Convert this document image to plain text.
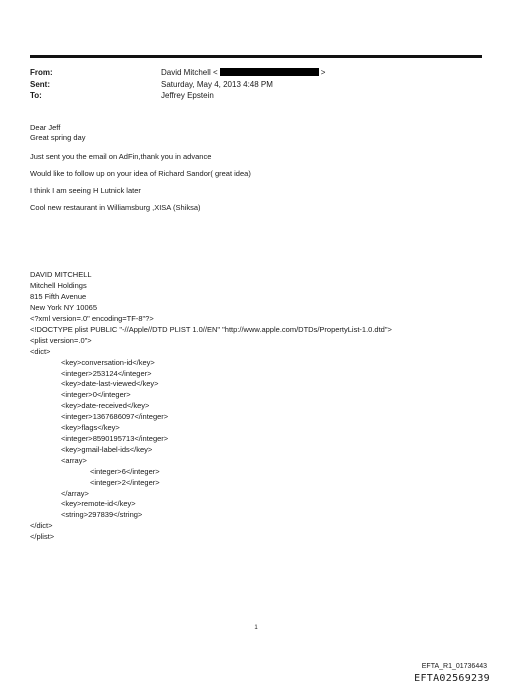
From:	David Mitchell <	>
Sent:	Saturday, May 4, 2013 4:48 PM
To:	Jeffrey Epstein

Dear Jeff
Great spring day

Just sent you the email on AdFin,thank you in advance

Would like to follow up on your idea of Richard Sandor( great idea)

I think I am seeing H Lutnick later

Cool new restaurant in Williamsburg ,XISA (Shiksa)

DAVID MITCHELL
Mitchell Holdings
815 Fifth Avenue
New York NY 10065
<?xml version=.0" encoding=TF-8"?>
<!DOCTYPE plist PUBLIC "-//Apple//DTD PLIST 1.0//EN" "http://www.apple.com/DTDs/PropertyList-1.0.dtd">
<plist version=.0">
<dict>
<key>conversation-id</key>
<integer>253124</integer>
<key>date-last-viewed</key>
<integer>0</integer>
<key>date-received</key>
<integer>1367686097</integer>
<key>flags</key>
<integer>8590195713</integer>
<key>gmail-label-ids</key>
<array>
<integer>6</integer>
<integer>2</integer>
</array>
<key>remote-id</key>
<string>297839</string>
</dict>
</plist>
1
EFTA_R1_01736443
EFTA02569239
